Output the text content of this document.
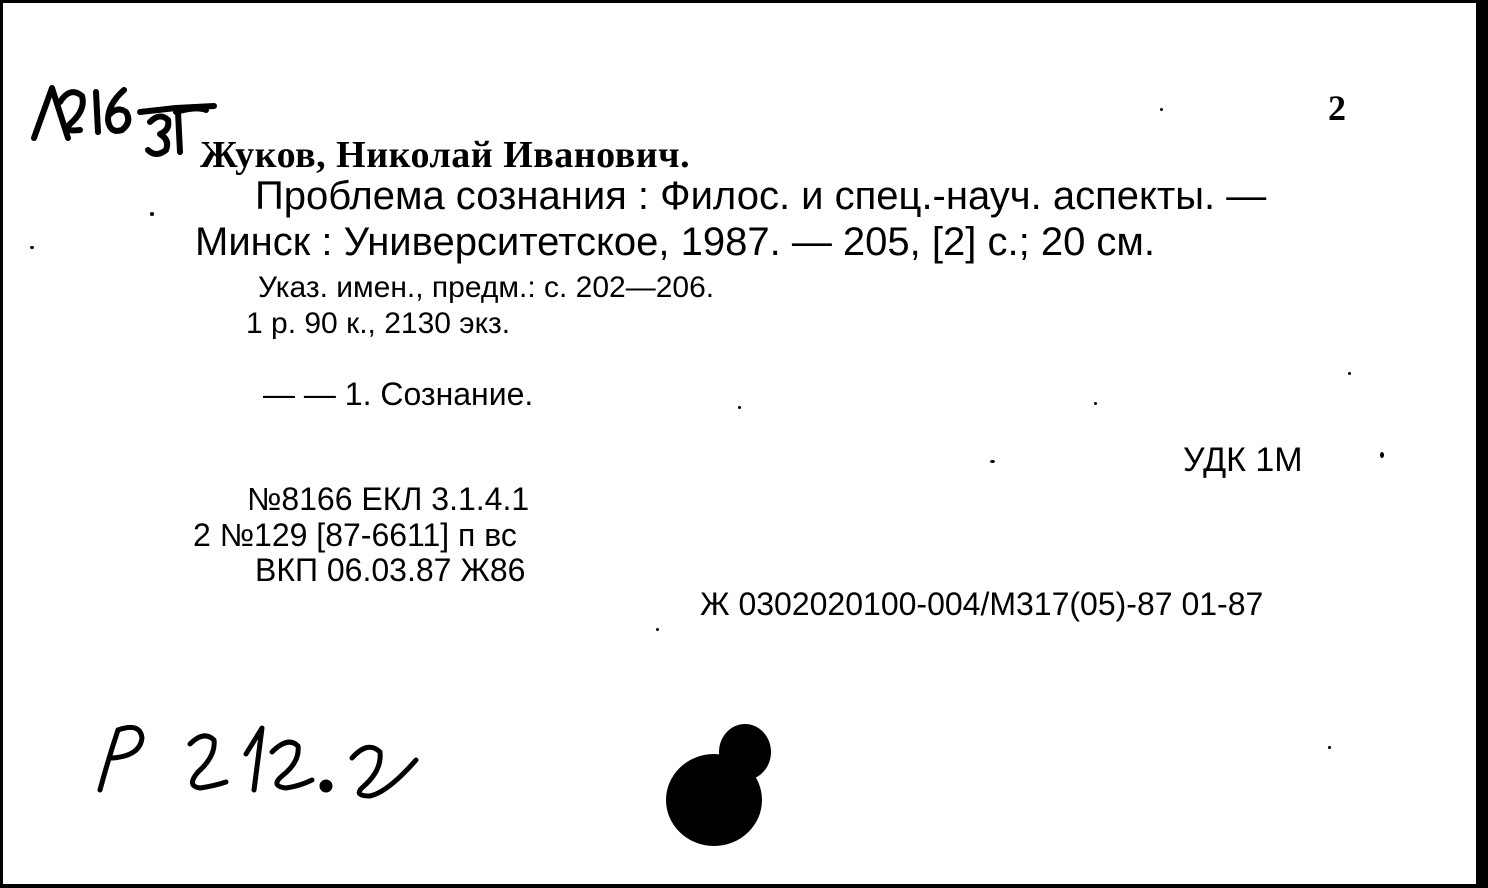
2
Жуков, Николай Иванович.
Проблема сознания : Филос. и спец.-науч. аспекты. —
Минск : Университетское, 1987. — 205, [2] с.; 20 см.
Указ. имен., предм.: с. 202—206.
1 р. 90 к., 2130 экз.
— — 1. Сознание.
УДК 1М
№8166 ЕКЛ 3.1.4.1
2 №129 [87-6611] п вс
ВКП 06.03.87 Ж86
Ж 0302020100-004/М317(05)-87 01-87
